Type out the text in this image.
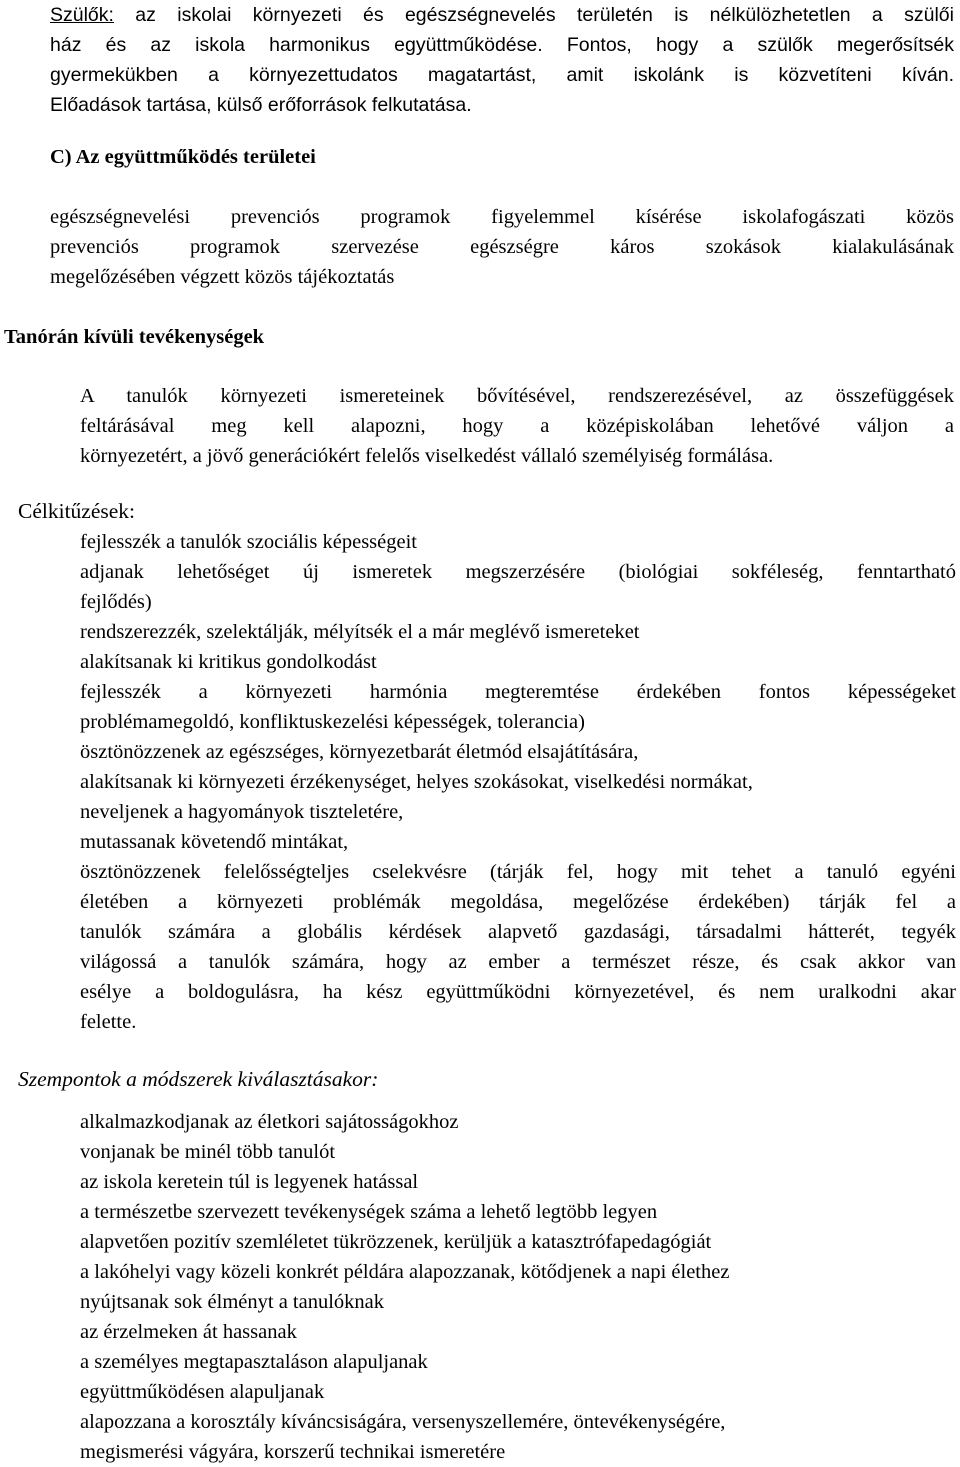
Szülők: az iskolai környezeti és egészségnevelés területén is nélkülözhetetlen a szülői
ház és az iskola harmonikus együttműködése. Fontos, hogy a szülők megerősítsék
gyermekükben a környezettudatos magatartást, amit iskolánk is közvetíteni kíván.
Előadások tartása, külső erőforrások felkutatása.
C) Az együttműködés területei
egészségnevelési prevenciós programok figyelemmel kísérése iskolafogászati közös
prevenciós programok szervezése egészségre káros szokások kialakulásának
megelőzésében végzett közös tájékoztatás
Tanórán kívüli tevékenységek
A tanulók környezeti ismereteinek bővítésével, rendszerezésével, az összefüggések
feltárásával meg kell alapozni, hogy a középiskolában lehetővé váljon a
környezetért, a jövő generációkért felelős viselkedést vállaló személyiség formálása.
Célkitűzések:
fejlesszék a tanulók szociális képességeit
adjanak lehetőséget új ismeretek megszerzésére (biológiai sokféleség, fenntartható
fejlődés)
rendszerezzék, szelektálják, mélyítsék el a már meglévő ismereteket
alakítsanak ki kritikus gondolkodást
fejlesszék a környezeti harmónia megteremtése érdekében fontos képességeket
problémamegoldó, konfliktuskezelési képességek, tolerancia)
ösztönözzenek az egészséges, környezetbarát életmód elsajátítására,
alakítsanak ki környezeti érzékenységet, helyes szokásokat, viselkedési normákat,
neveljenek a hagyományok tiszteletére,
mutassanak követendő mintákat,
ösztönözzenek felelősségteljes cselekvésre (tárják fel, hogy mit tehet a tanuló egyéni
életében a környezeti problémák megoldása, megelőzése érdekében) tárják fel a
tanulók számára a globális kérdések alapvető gazdasági, társadalmi hátterét, tegyék
világossá a tanulók számára, hogy az ember a természet része, és csak akkor van
esélye a boldogulásra, ha kész együttműködni környezetével, és nem uralkodni akar
felette.
Szempontok a módszerek kiválasztásakor:
alkalmazkodjanak az életkori sajátosságokhoz
vonjanak be minél több tanulót
az iskola keretein túl is legyenek hatással
a természetbe szervezett tevékenységek száma a lehető legtöbb legyen
alapvetően pozitív szemléletet tükrözzenek, kerüljük a katasztrófapedagógiát
a lakóhelyi vagy közeli konkrét példára alapozzanak, kötődjenek a napi élethez
nyújtsanak sok élményt a tanulóknak
az érzelmeken át hassanak
a személyes megtapasztaláson alapuljanak
együttműködésen alapuljanak
alapozzana a korosztály kíváncsiságára, versenyszellemére, öntevékenységére,
megismerési vágyára, korszerű technikai ismeretére
